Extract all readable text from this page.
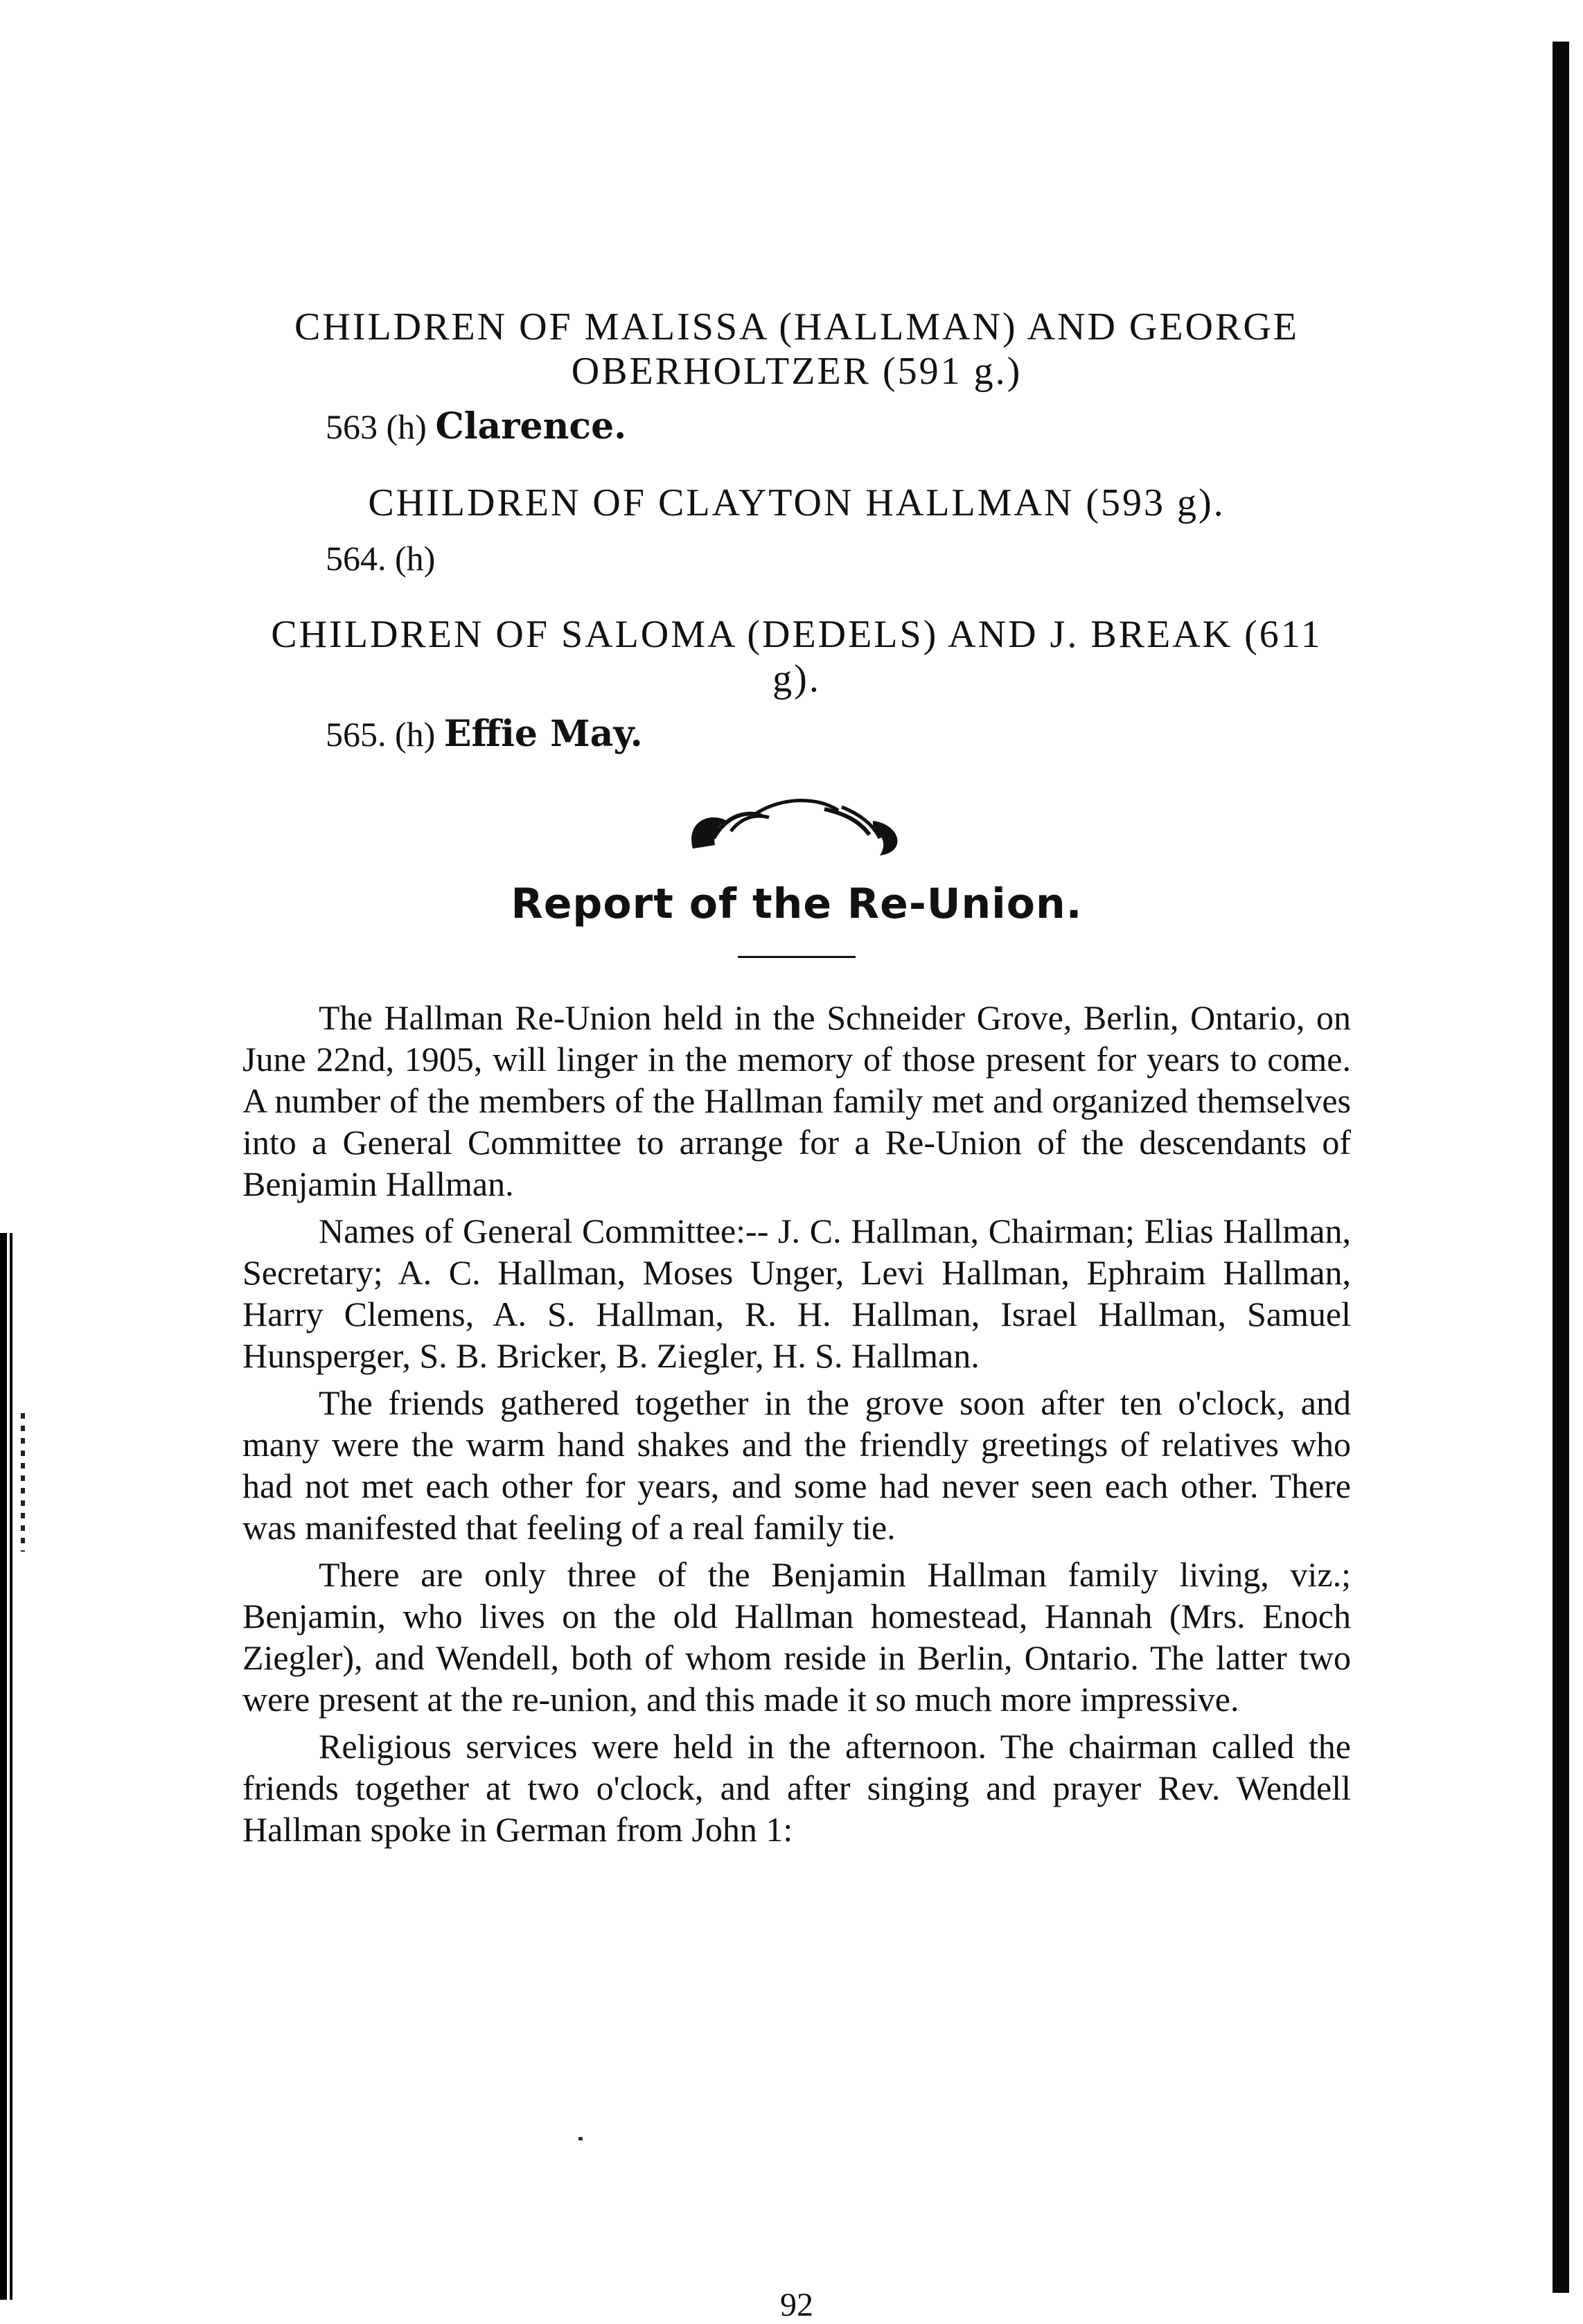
CHILDREN OF MALISSA (HALLMAN) AND GEORGE OBERHOLTZER (591 g.)

563 (h) Clarence.

CHILDREN OF CLAYTON HALLMAN (593 g).

564. (h)

CHILDREN OF SALOMA (DEDELS) AND J. BREAK (611 g).

565. (h) Effie May.
Report of the Re-Union.

The Hallman Re-Union held in the Schneider Grove, Berlin, Ontario, on June 22nd, 1905, will linger in the memory of those present for years to come. A number of the members of the Hallman family met and organized themselves into a General Committee to arrange for a Re-Union of the descendants of Benjamin Hallman.

Names of General Committee:-- J. C. Hallman, Chairman; Elias Hallman, Secretary; A. C. Hallman, Moses Unger, Levi Hallman, Ephraim Hallman, Harry Clemens, A. S. Hallman, R. H. Hallman, Israel Hallman, Samuel Hunsperger, S. B. Bricker, B. Ziegler, H. S. Hallman.

The friends gathered together in the grove soon after ten o'clock, and many were the warm hand shakes and the friendly greetings of relatives who had not met each other for years, and some had never seen each other. There was manifested that feeling of a real family tie.

There are only three of the Benjamin Hallman family living, viz.; Benjamin, who lives on the old Hallman homestead, Hannah (Mrs. Enoch Ziegler), and Wendell, both of whom reside in Berlin, Ontario. The latter two were present at the re-union, and this made it so much more impressive.

Religious services were held in the afternoon. The chairman called the friends together at two o'clock, and after singing and prayer Rev. Wendell Hallman spoke in German from John 1:

92
